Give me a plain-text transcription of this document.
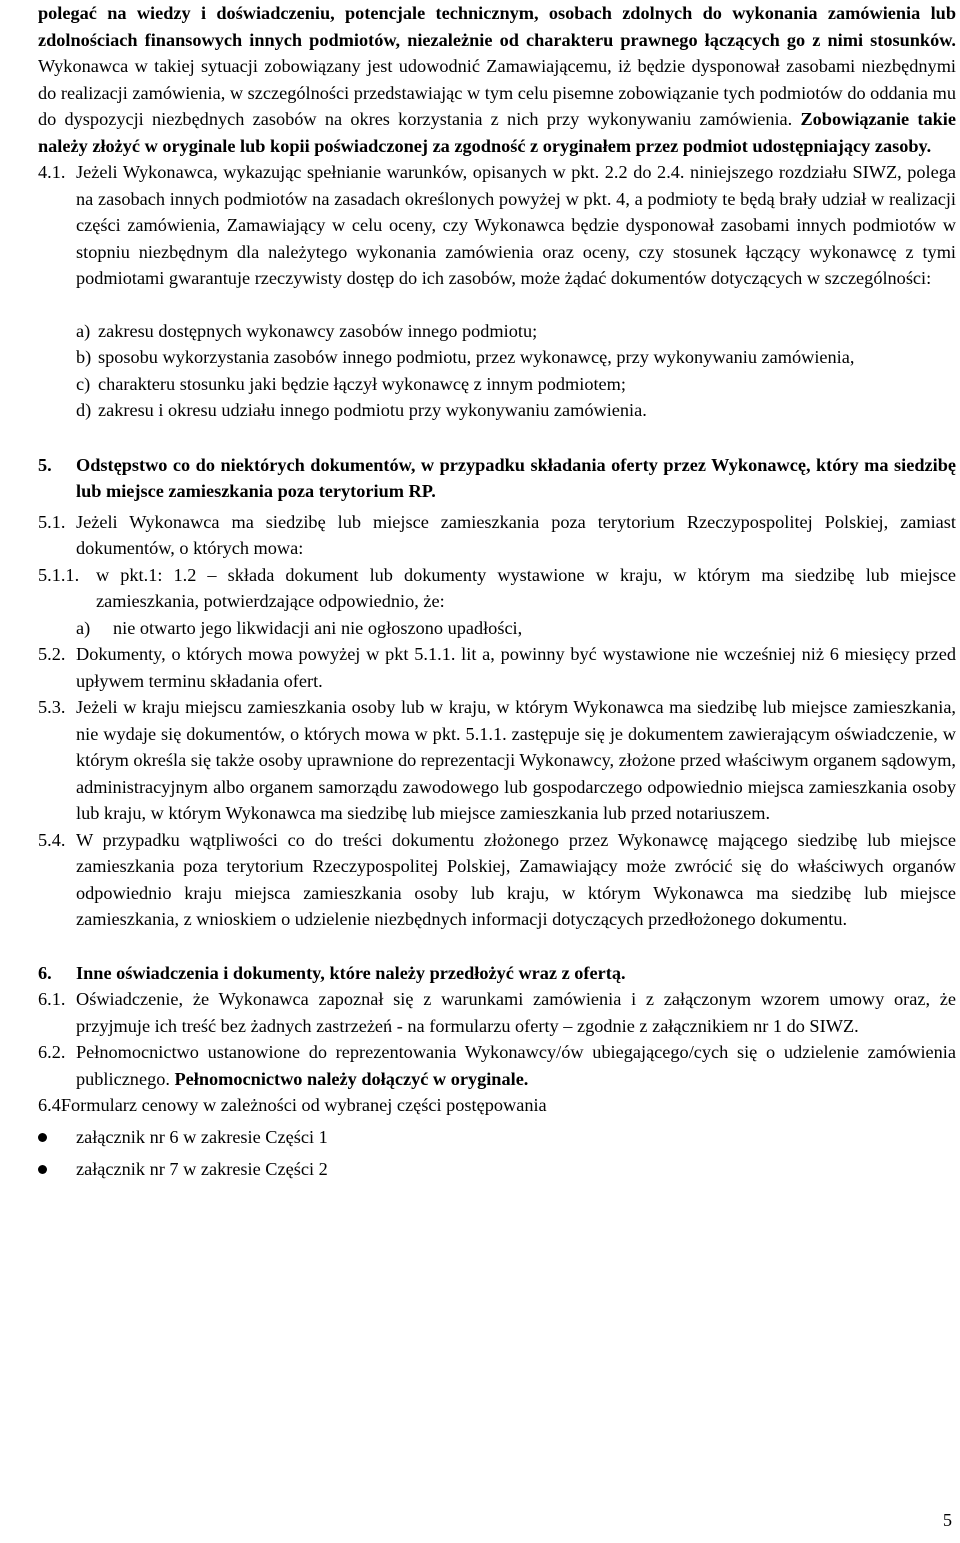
polegać na wiedzy i doświadczeniu, potencjale technicznym, osobach zdolnych do wykonania zamówienia lub zdolnościach finansowych innych podmiotów, niezależnie od charakteru prawnego łączących go z nimi stosunków. Wykonawca w takiej sytuacji zobowiązany jest udowodnić Zamawiającemu, iż będzie dysponował zasobami niezbędnymi do realizacji zamówienia, w szczególności przedstawiając w tym celu pisemne zobowiązanie tych podmiotów do oddania mu do dyspozycji niezbędnych zasobów na okres korzystania z nich przy wykonywaniu zamówienia. Zobowiązanie takie należy złożyć w oryginale lub kopii poświadczonej za zgodność z oryginałem przez podmiot udostępniający zasoby.

4.1. Jeżeli Wykonawca, wykazując spełnianie warunków, opisanych w pkt. 2.2 do 2.4. niniejszego rozdziału SIWZ, polega na zasobach innych podmiotów na zasadach określonych powyżej w pkt. 4, a podmioty te będą brały udział w realizacji części zamówienia, Zamawiający w celu oceny, czy Wykonawca będzie dysponował zasobami innych podmiotów w stopniu niezbędnym dla należytego wykonania zamówienia oraz oceny, czy stosunek łączący wykonawcę z tymi podmiotami gwarantuje rzeczywisty dostęp do ich zasobów, może żądać dokumentów dotyczących w szczególności:
a) zakresu dostępnych wykonawcy zasobów innego podmiotu;
b) sposobu wykorzystania zasobów innego podmiotu, przez wykonawcę, przy wykonywaniu zamówienia,
c) charakteru stosunku jaki będzie łączył wykonawcę z innym podmiotem;
d) zakresu i okresu udziału innego podmiotu przy wykonywaniu zamówienia.
5.	Odstępstwo co do niektórych dokumentów, w przypadku składania oferty przez Wykonawcę, który ma siedzibę lub miejsce zamieszkania poza terytorium RP.
5.1. Jeżeli Wykonawca ma siedzibę lub miejsce zamieszkania poza terytorium Rzeczypospolitej Polskiej, zamiast dokumentów, o których mowa:

5.1.1. w pkt.1: 1.2 – składa dokument lub dokumenty wystawione w kraju, w którym ma siedzibę lub miejsce zamieszkania, potwierdzające odpowiednio, że:

a) nie otwarto jego likwidacji ani nie ogłoszono upadłości,
5.2. Dokumenty, o których mowa powyżej w pkt 5.1.1. lit a, powinny być wystawione nie wcześniej niż 6 miesięcy przed upływem terminu składania ofert.

5.3. Jeżeli w kraju miejscu zamieszkania osoby lub w kraju, w którym Wykonawca ma siedzibę lub miejsce zamieszkania, nie wydaje się dokumentów, o których mowa w pkt. 5.1.1. zastępuje się je dokumentem zawierającym oświadczenie, w którym określa się także osoby uprawnione do reprezentacji Wykonawcy, złożone przed właściwym organem sądowym, administracyjnym albo organem samorządu zawodowego lub gospodarczego odpowiednio miejsca zamieszkania osoby lub kraju, w którym Wykonawca ma siedzibę lub miejsce zamieszkania lub przed notariuszem.

5.4. W przypadku wątpliwości co do treści dokumentu złożonego przez Wykonawcę mającego siedzibę lub miejsce zamieszkania poza terytorium Rzeczypospolitej Polskiej, Zamawiający może zwrócić się do właściwych organów odpowiednio kraju miejsca zamieszkania osoby lub kraju, w którym Wykonawca ma siedzibę lub miejsce zamieszkania, z wnioskiem o udzielenie niezbędnych informacji dotyczących przedłożonego dokumentu.

6.	Inne oświadczenia i dokumenty, które należy przedłożyć wraz z ofertą.
6.1. Oświadczenie, że Wykonawca zapoznał się z warunkami zamówienia i z załączonym wzorem umowy oraz, że przyjmuje ich treść bez żadnych zastrzeżeń - na formularzu oferty – zgodnie z załącznikiem nr 1 do SIWZ.

6.2. Pełnomocnictwo ustanowione do reprezentowania Wykonawcy/ów ubiegającego/cych się o udzielenie zamówienia publicznego. Pełnomocnictwo należy dołączyć w oryginale.

6.4Formularz cenowy w zależności od wybranej części postępowania
załącznik nr 6 w zakresie Części 1
załącznik nr 7 w zakresie Części 2
5
